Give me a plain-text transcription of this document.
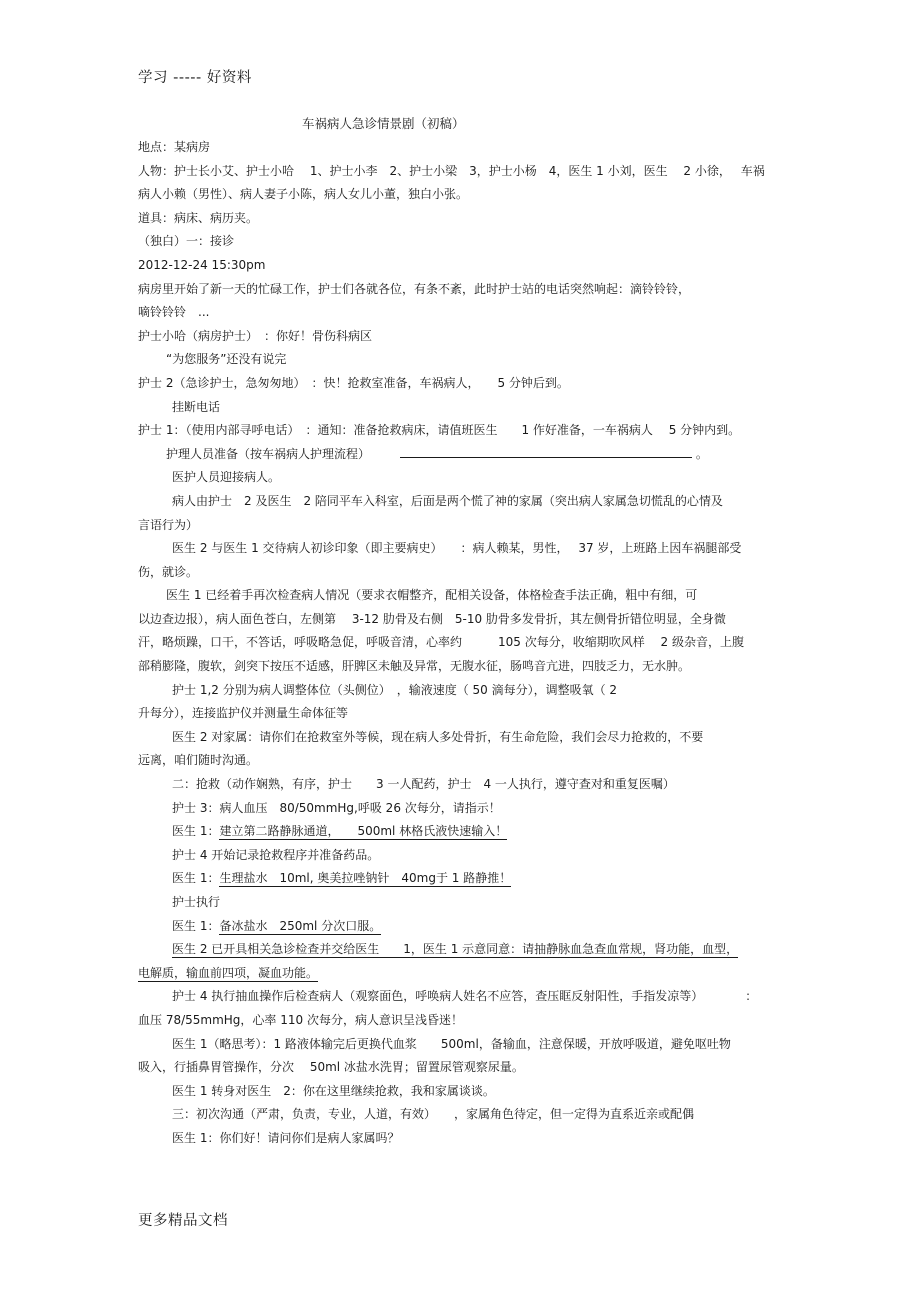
学习 ----- 好资料
车祸病人急诊情景剧（初稿）
地点：某病房
人物：护士长小艾、护士小哈　 1、护士小李　2、护士小梁　3，护士小杨　4，医生 1 小刘，医生　 2 小徐，　 车祸
病人小赖（男性）、病人妻子小陈，病人女儿小董，独白小张。
道具：病床、病历夹。
（独白）一：接诊
2012-12-24 15:30pm
病房里开始了新一天的忙碌工作，护士们各就各位，有条不紊，此时护士站的电话突然响起：滴铃铃铃，
嘀铃铃铃　...
护士小哈（病房护士）　：你好！骨伤科病区
“为您服务”还没有说完
护士 2（急诊护士，急匆匆地）　：快！抢救室准备，车祸病人，　　5 分钟后到。
挂断电话
护士 1：（使用内部寻呼电话）　：通知：准备抢救病床，请值班医生　　1 作好准备，一车祸病人　 5 分钟内到。
护理人员准备（按车祸病人护理流程）	。
医护人员迎接病人。
病人由护士　2 及医生　2 陪同平车入科室，后面是两个慌了神的家属（突出病人家属急切慌乱的心情及
言语行为）
医生 2 与医生 1 交待病人初诊印象（即主要病史）　　：病人赖某，男性，　 37 岁，上班路上因车祸腿部受
伤，就诊。
医生 1 已经着手再次检查病人情况（要求衣帽整齐，配相关设备，体格检查手法正确，粗中有细，可
以边查边报），病人面色苍白，左侧第　 3-12 肋骨及右侧　5-10 肋骨多发骨折，其左侧骨折错位明显，全身微
汗，略烦躁，口干，不答话，呼吸略急促，呼吸音清，心率约　　　105 次每分，收缩期吹风样　 2 级杂音，上腹
部稍膨隆，腹软，剑突下按压不适感，肝脾区未触及异常，无腹水征，肠鸣音亢进，四肢乏力，无水肿。
护士 1,2 分别为病人调整体位（头侧位）　，输液速度（ 50 滴每分），调整吸氧（ 2
升每分），连接监护仪并测量生命体征等
医生 2 对家属：请你们在抢救室外等候，现在病人多处骨折，有生命危险，我们会尽力抢救的，不要
远离，咱们随时沟通。
二：抢救（动作娴熟，有序，护士　　3 一人配药，护士　4 一人执行，遵守查对和重复医嘱）
护士 3：病人血压　80/50mmHg,呼吸 26 次每分，请指示！
医生 1：建立第二路静脉通道，　　500ml 林格氏液快速输入！
护士 4 开始记录抢救程序并准备药品。
医生 1：生理盐水　10ml, 奥美拉唑钠针　40mg于 1 路静推！
护士执行
医生 1：备冰盐水　250ml 分次口服。
医生 2 已开具相关急诊检查并交给医生　　1，医生 1 示意同意：请抽静脉血急查血常规，肾功能，血型，
电解质，输血前四项，凝血功能。
护士 4 执行抽血操作后检查病人（观察面色，呼唤病人姓名不应答，查压眶反射阳性，手指发凉等）　　　　：
血压 78/55mmHg，心率 110 次每分，病人意识呈浅昏迷！
医生 1（略思考）：1 路液体输完后更换代血浆　　500ml，备输血，注意保暖，开放呼吸道，避免呕吐物
吸入，行插鼻胃管操作，分次　 50ml 冰盐水洗胃；留置尿管观察尿量。
医生 1 转身对医生　2：你在这里继续抢救，我和家属谈谈。
三：初次沟通（严肃，负责，专业，人道，有效）　　，家属角色待定，但一定得为直系近亲或配偶
医生 1：你们好！请问你们是病人家属吗？
更多精品文档
